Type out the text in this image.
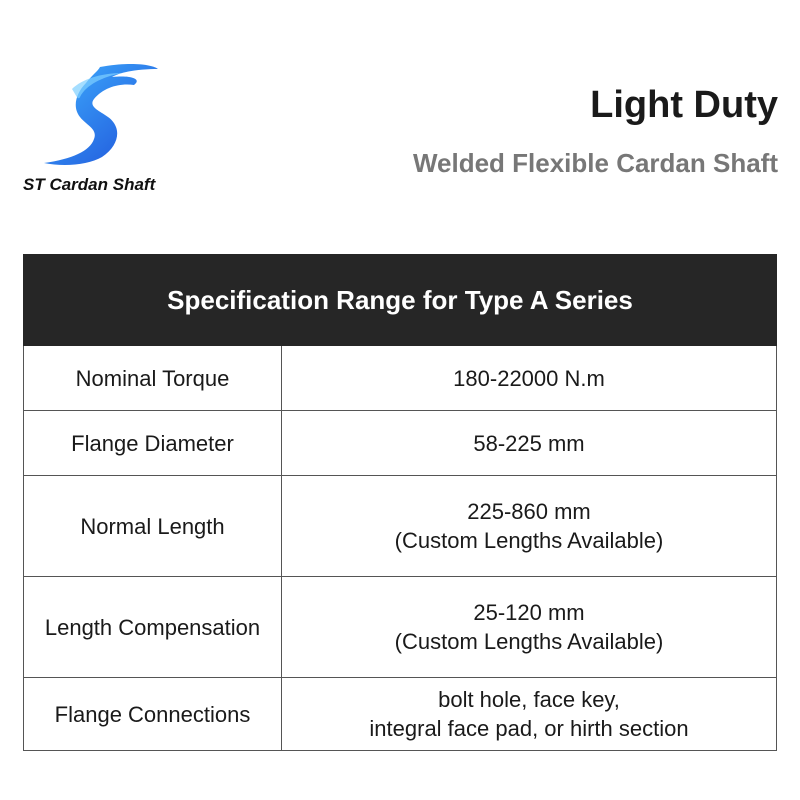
ST Cardan Shaft
Light Duty
Welded Flexible Cardan Shaft
Specification Range for Type A Series	
Nominal Torque	180-22000 N.m

Flange Diameter	58-225 mm

Normal Length	225-860 mm
(Custom Lengths Available)

Length Compensation	25-120 mm
(Custom Lengths Available)

Flange Connections	bolt hole, face key,
integral face pad, or hirth section
